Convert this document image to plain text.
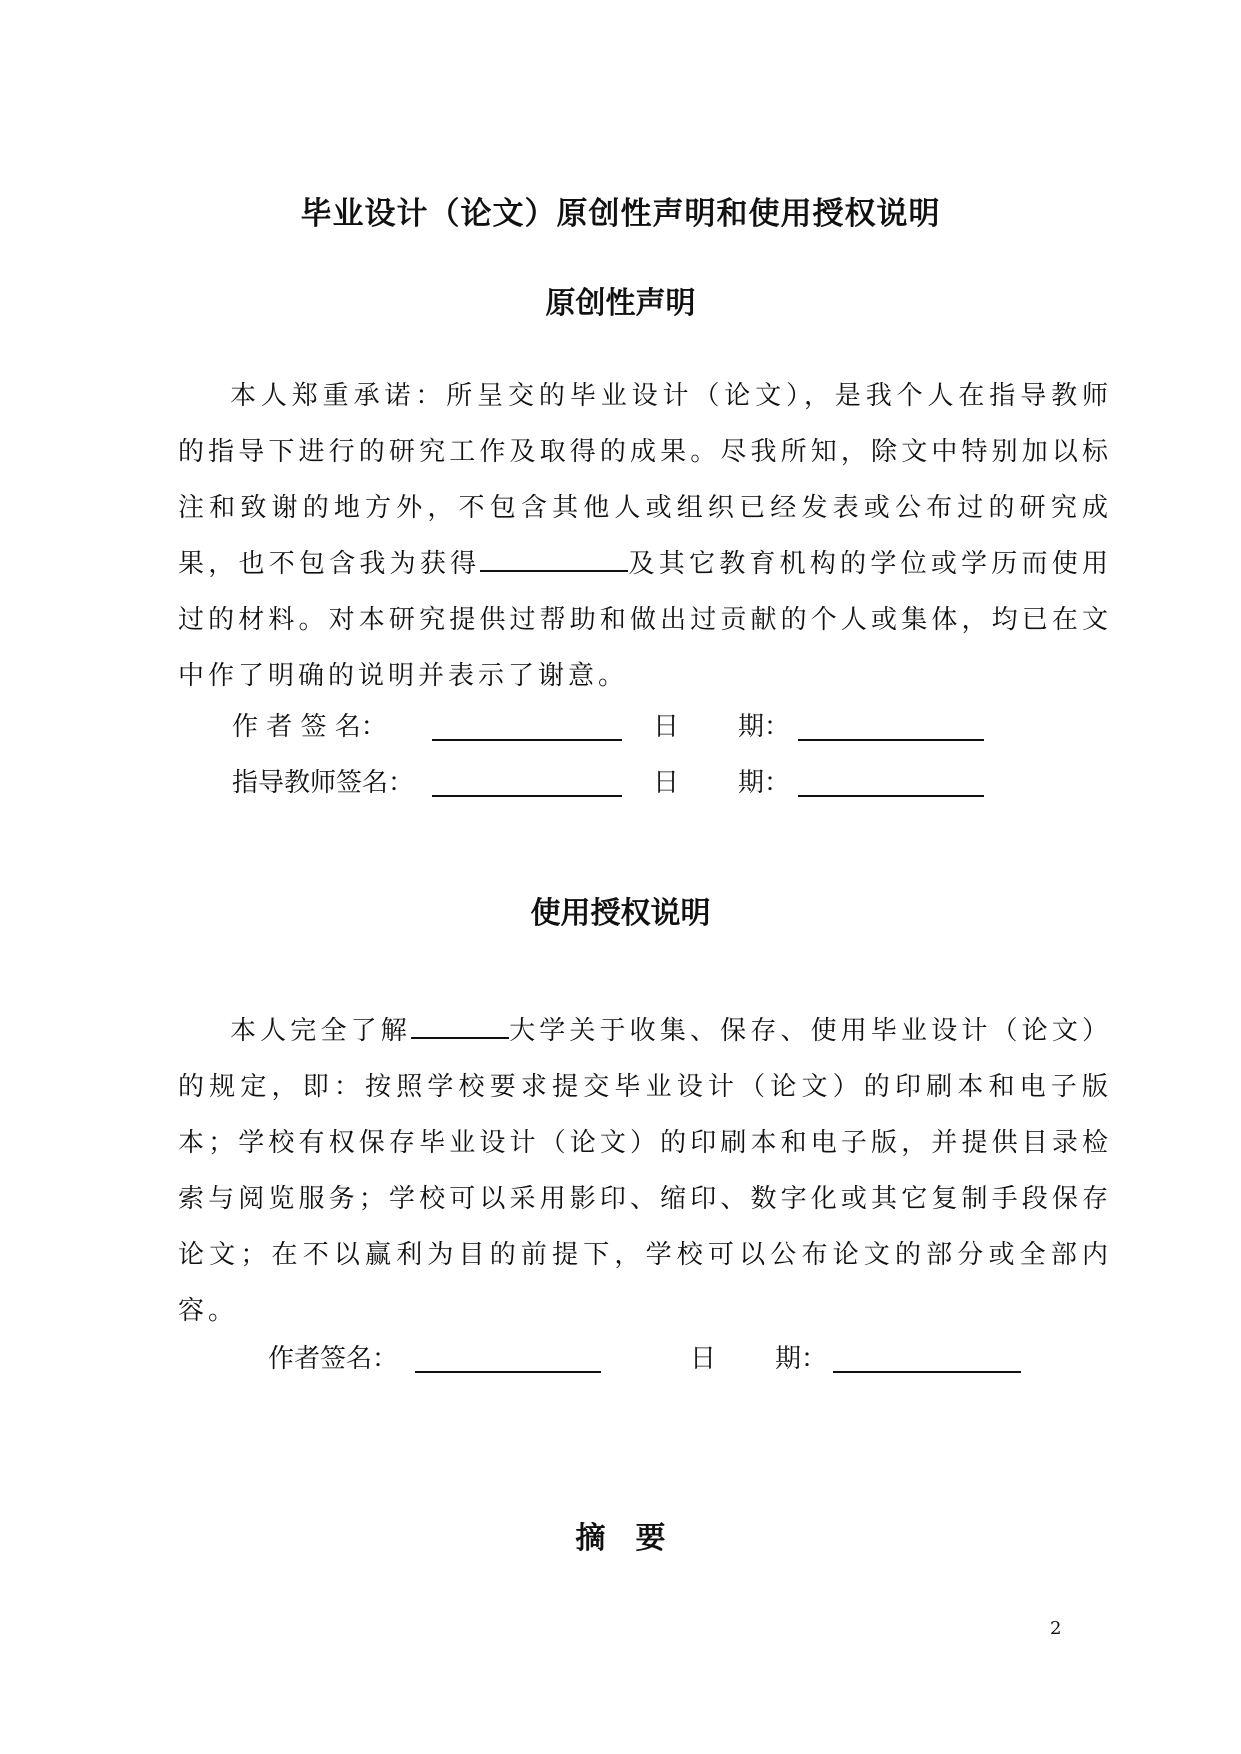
毕业设计（论文）原创性声明和使用授权说明
原创性声明

本人郑重承诺：所呈交的毕业设计（论文），是我个人在指导教师的指导下进行的研究工作及取得的成果。尽我所知，除文中特别加以标注和致谢的地方外，不包含其他人或组织已经发表或公布过的研究成果，也不包含我为获得	及其它教育机构的学位或学历而使用过的材料。对本研究提供过帮助和做出过贡献的个人或集体，均已在文中作了明确的说明并表示了谢意。

作 者 签 名：	日 期：
指导教师签名：	日 期：
使用授权说明

本人完全了解	大学关于收集、保存、使用毕业设计（论文）的规定，即：按照学校要求提交毕业设计（论文）的印刷本和电子版本；学校有权保存毕业设计（论文）的印刷本和电子版，并提供目录检索与阅览服务；学校可以采用影印、缩印、数字化或其它复制手段保存论文；在不以赢利为目的前提下，学校可以公布论文的部分或全部内容。

作者签名：	日 期：
摘　要
2
